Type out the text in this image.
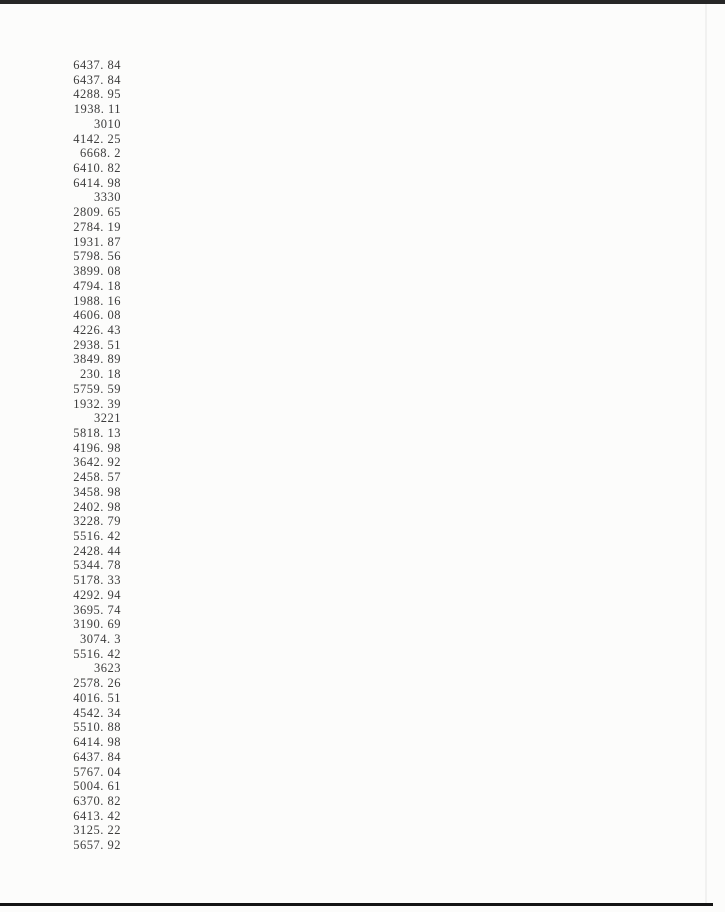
6437. 84
6437. 84
4288. 95
1938. 11
3010
4142. 25
6668. 2
6410. 82
6414. 98
3330
2809. 65
2784. 19
1931. 87
5798. 56
3899. 08
4794. 18
1988. 16
4606. 08
4226. 43
2938. 51
3849. 89
230. 18
5759. 59
1932. 39
3221
5818. 13
4196. 98
3642. 92
2458. 57
3458. 98
2402. 98
3228. 79
5516. 42
2428. 44
5344. 78
5178. 33
4292. 94
3695. 74
3190. 69
3074. 3
5516. 42
3623
2578. 26
4016. 51
4542. 34
5510. 88
6414. 98
6437. 84
5767. 04
5004. 61
6370. 82
6413. 42
3125. 22
5657. 92
